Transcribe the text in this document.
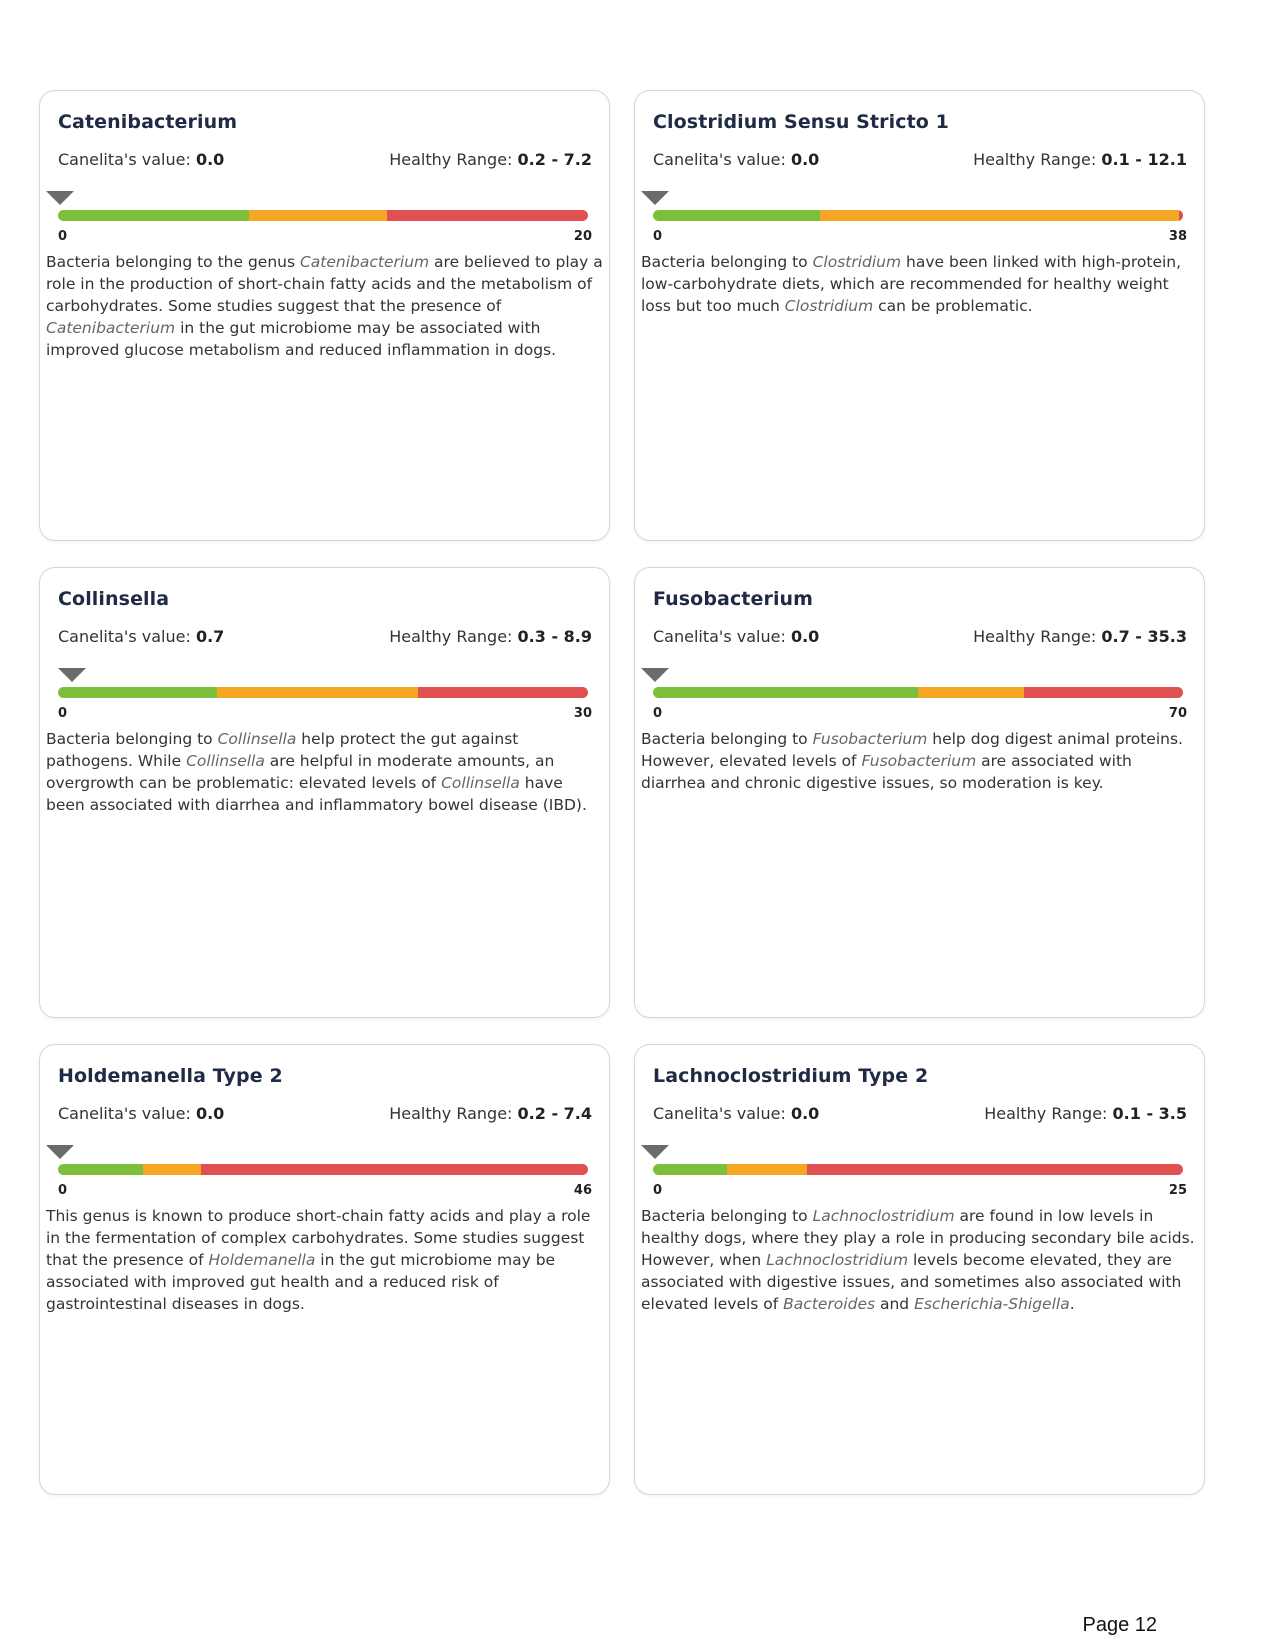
Catenibacterium
Canelita's value: 0.0	Healthy Range: 0.2 - 7.2
0	20
Bacteria belonging to the genus Catenibacterium are believed to play a role in the production of short-chain fatty acids and the metabolism of carbohydrates. Some studies suggest that the presence of Catenibacterium in the gut microbiome may be associated with improved glucose metabolism and reduced inflammation in dogs.
Clostridium Sensu Stricto 1
Canelita's value: 0.0	Healthy Range: 0.1 - 12.1
0	38
Bacteria belonging to Clostridium have been linked with high-protein, low-carbohydrate diets, which are recommended for healthy weight loss but too much Clostridium can be problematic.
Collinsella
Canelita's value: 0.7	Healthy Range: 0.3 - 8.9
0	30
Bacteria belonging to Collinsella help protect the gut against pathogens. While Collinsella are helpful in moderate amounts, an overgrowth can be problematic: elevated levels of Collinsella have been associated with diarrhea and inflammatory bowel disease (IBD).
Fusobacterium
Canelita's value: 0.0	Healthy Range: 0.7 - 35.3
0	70
Bacteria belonging to Fusobacterium help dog digest animal proteins. However, elevated levels of Fusobacterium are associated with diarrhea and chronic digestive issues, so moderation is key.
Holdemanella Type 2
Canelita's value: 0.0	Healthy Range: 0.2 - 7.4
0	46
This genus is known to produce short-chain fatty acids and play a role in the fermentation of complex carbohydrates. Some studies suggest that the presence of Holdemanella in the gut microbiome may be associated with improved gut health and a reduced risk of gastrointestinal diseases in dogs.
Lachnoclostridium Type 2
Canelita's value: 0.0	Healthy Range: 0.1 - 3.5
0	25
Bacteria belonging to Lachnoclostridium are found in low levels in healthy dogs, where they play a role in producing secondary bile acids. However, when Lachnoclostridium levels become elevated, they are associated with digestive issues, and sometimes also associated with elevated levels of Bacteroides and Escherichia-Shigella.
Page 12
